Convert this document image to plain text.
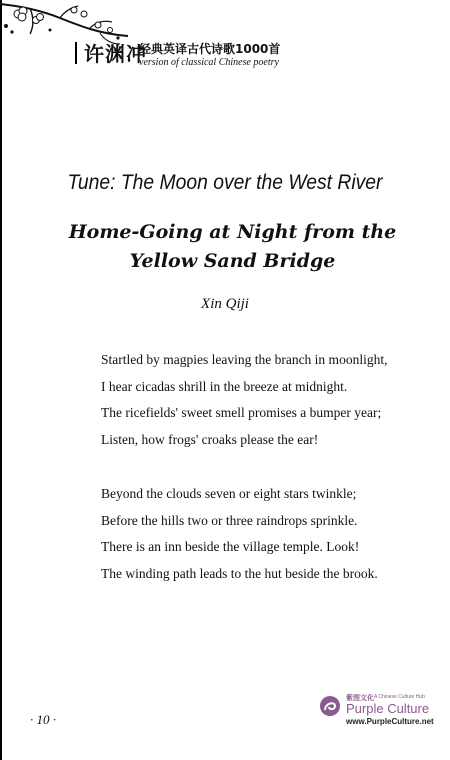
许渊冲
经典英译古代诗歌1000首
version of classical Chinese poetry
Tune: The Moon over the West River
Home-Going at Night from the
Yellow Sand Bridge
Xin Qiji
Startled by magpies leaving the branch in moonlight,
I hear cicadas shrill in the breeze at midnight.
The ricefields' sweet smell promises a bumper year;
Listen, how frogs' croaks please the ear!
Beyond the clouds seven or eight stars twinkle;
Before the hills two or three raindrops sprinkle.
There is an inn beside the village temple. Look!
The winding path leads to the hut beside the brook.
· 10 ·
紫图文化 A Chinese Culture Hub
Purple Culture
www.PurpleCulture.net
